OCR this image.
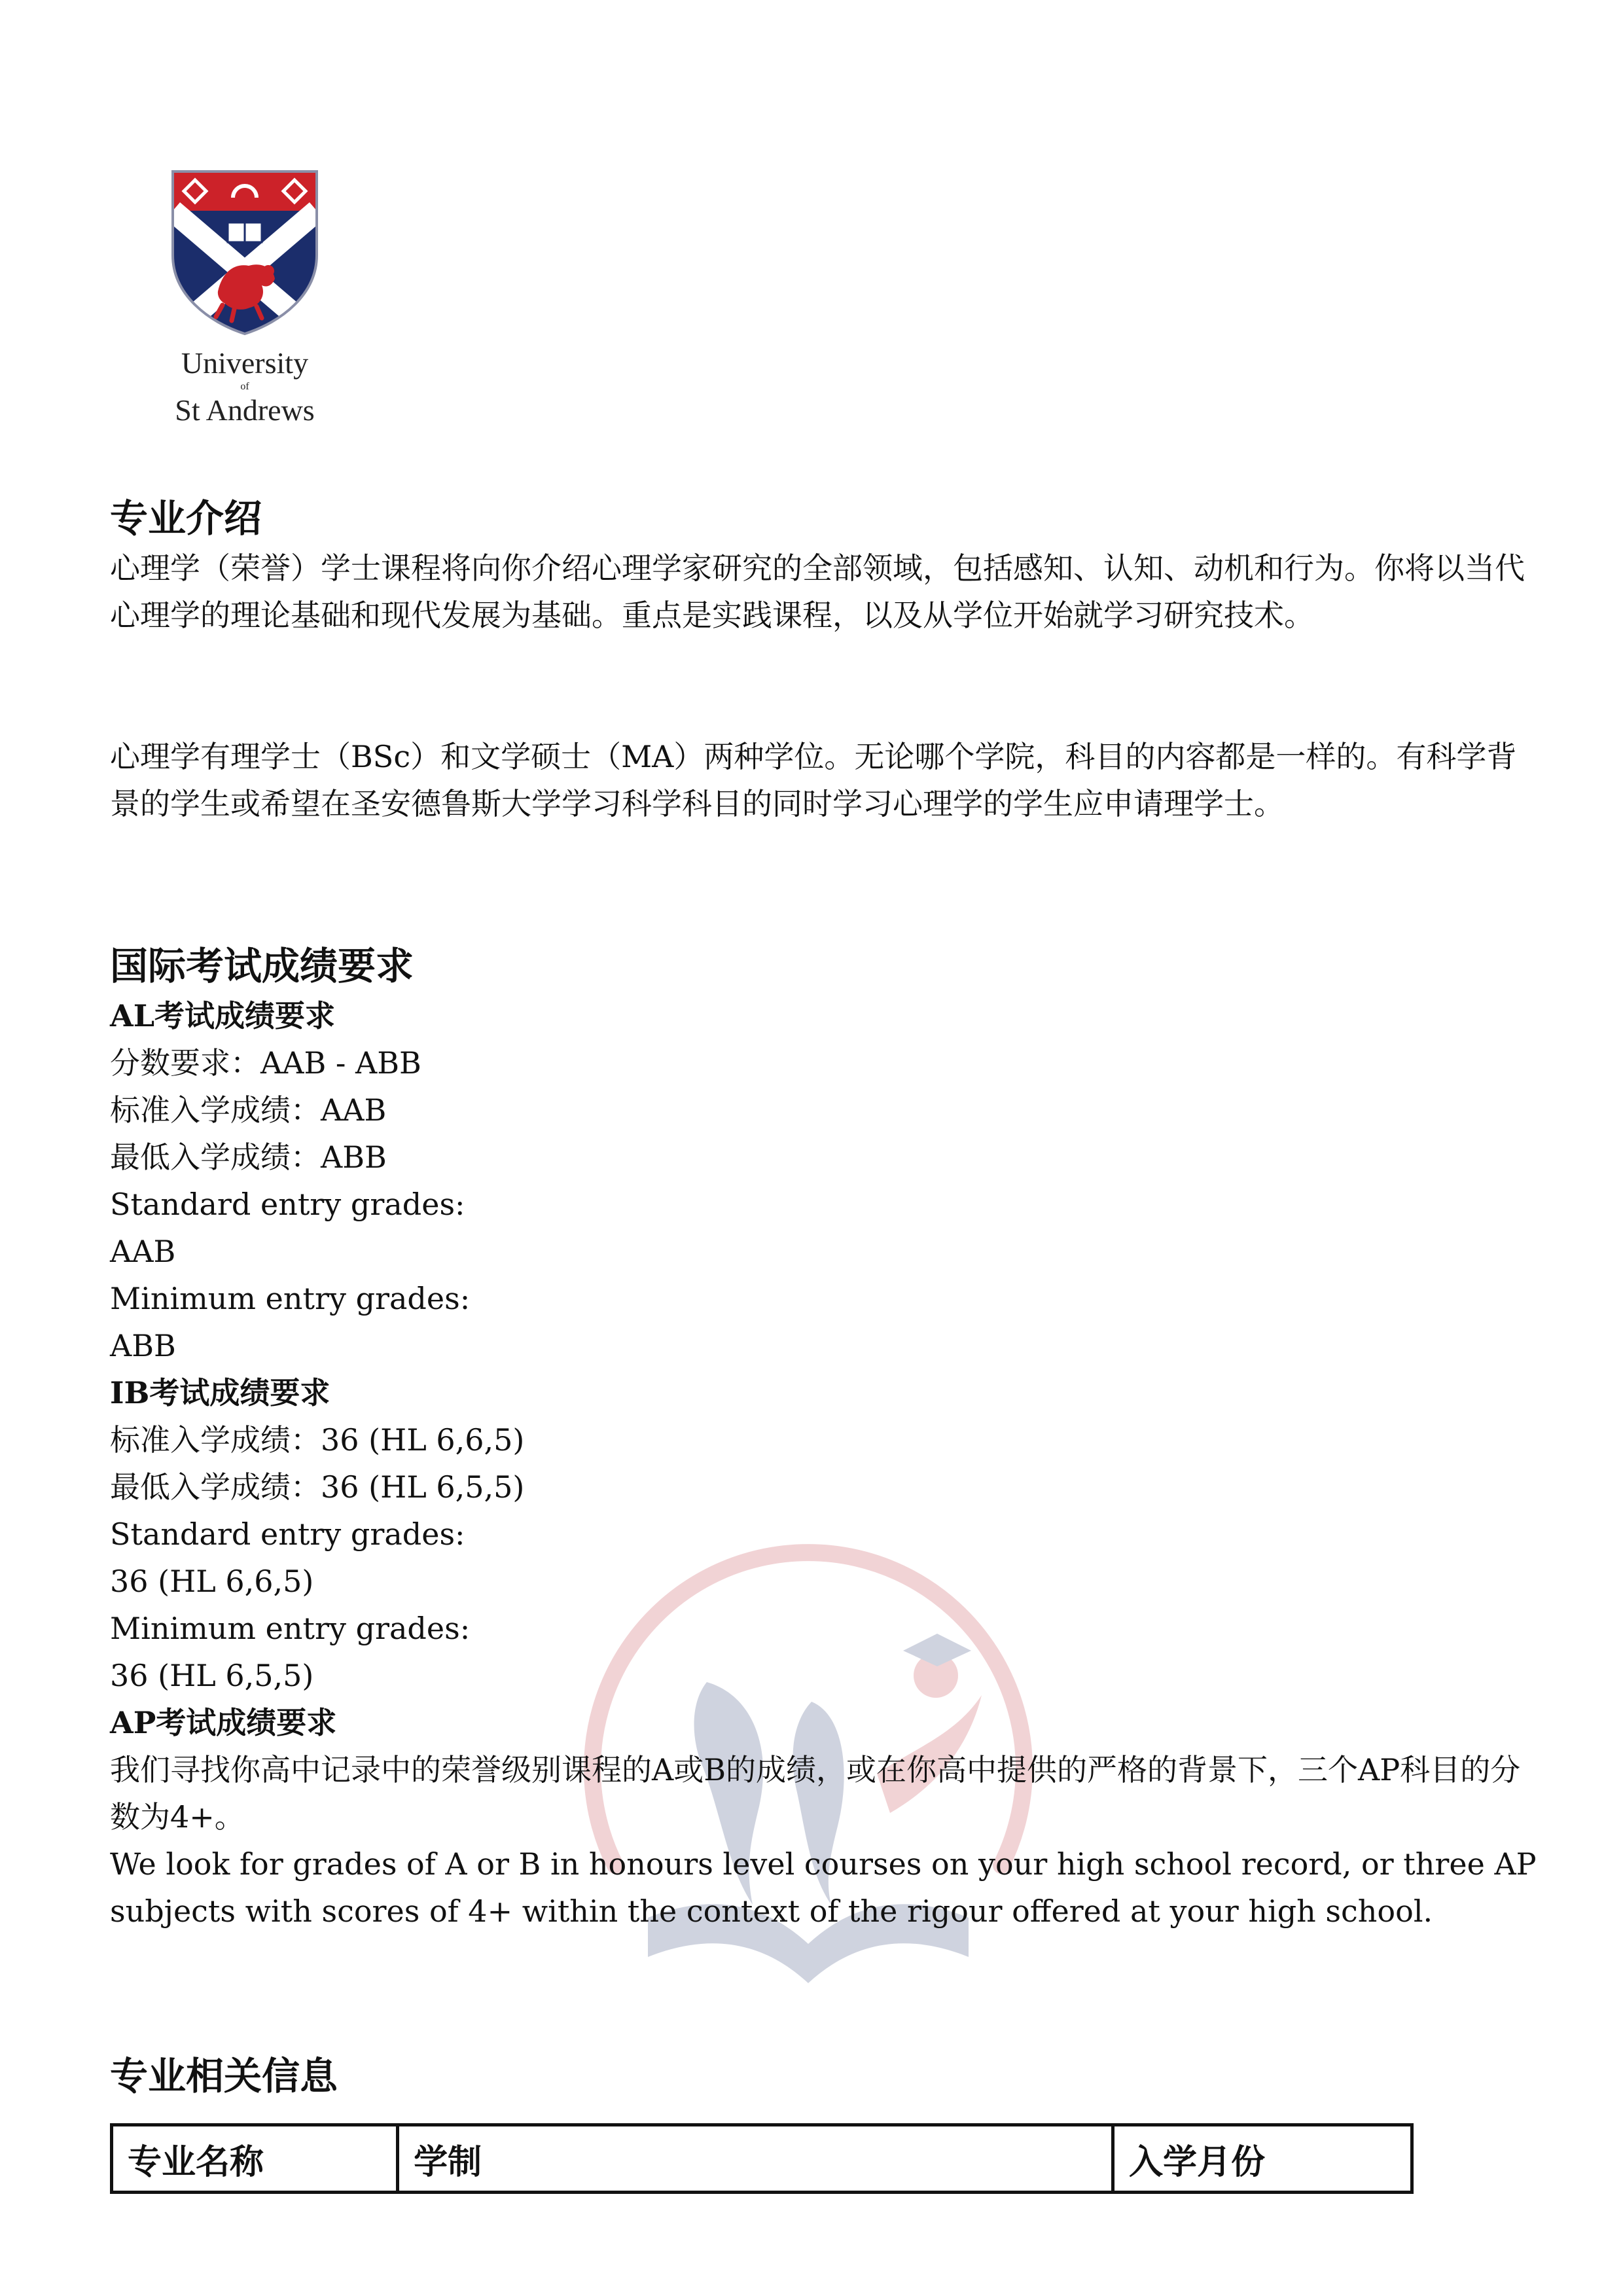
University
of
St Andrews
专业介绍
心理学（荣誉）学士课程将向你介绍心理学家研究的全部领域，包括感知、认知、动机和行为。你将以当代心理学的理论基础和现代发展为基础。重点是实践课程，以及从学位开始就学习研究技术。
心理学有理学士（BSc）和文学硕士（MA）两种学位。无论哪个学院，科目的内容都是一样的。有科学背景的学生或希望在圣安德鲁斯大学学习科学科目的同时学习心理学的学生应申请理学士。
国际考试成绩要求
AL考试成绩要求
分数要求：AAB - ABB
标准入学成绩：AAB
最低入学成绩：ABB
Standard entry grades:
AAB
Minimum entry grades:
ABB
IB考试成绩要求
标准入学成绩：36 (HL 6,6,5)
最低入学成绩：36 (HL 6,5,5)
Standard entry grades:
36 (HL 6,6,5)
Minimum entry grades:
36 (HL 6,5,5)
AP考试成绩要求
我们寻找你高中记录中的荣誉级别课程的A或B的成绩，或在你高中提供的严格的背景下，三个AP科目的分数为4+。
We look for grades of A or B in honours level courses on your high school record, or three AP subjects with scores of 4+ within the context of the rigour offered at your high school.
专业相关信息
专业名称	学制	入学月份
